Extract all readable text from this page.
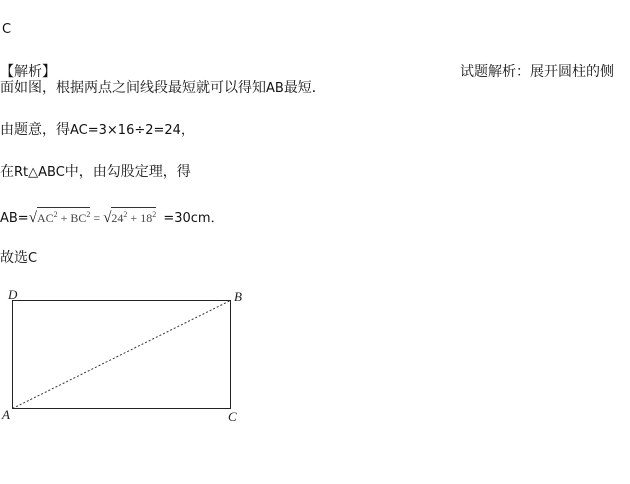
C
【解析】	试题解析：展开圆柱的侧
面如图，根据两点之间线段最短就可以得知AB最短．
由题意，得AC=3×16÷2=24，
在Rt△ABC中，由勾股定理，得
$AB=√AC^2 + BC^2 = √24^2 + 18^2 =30cm$．
故选C
D	B
A	C
